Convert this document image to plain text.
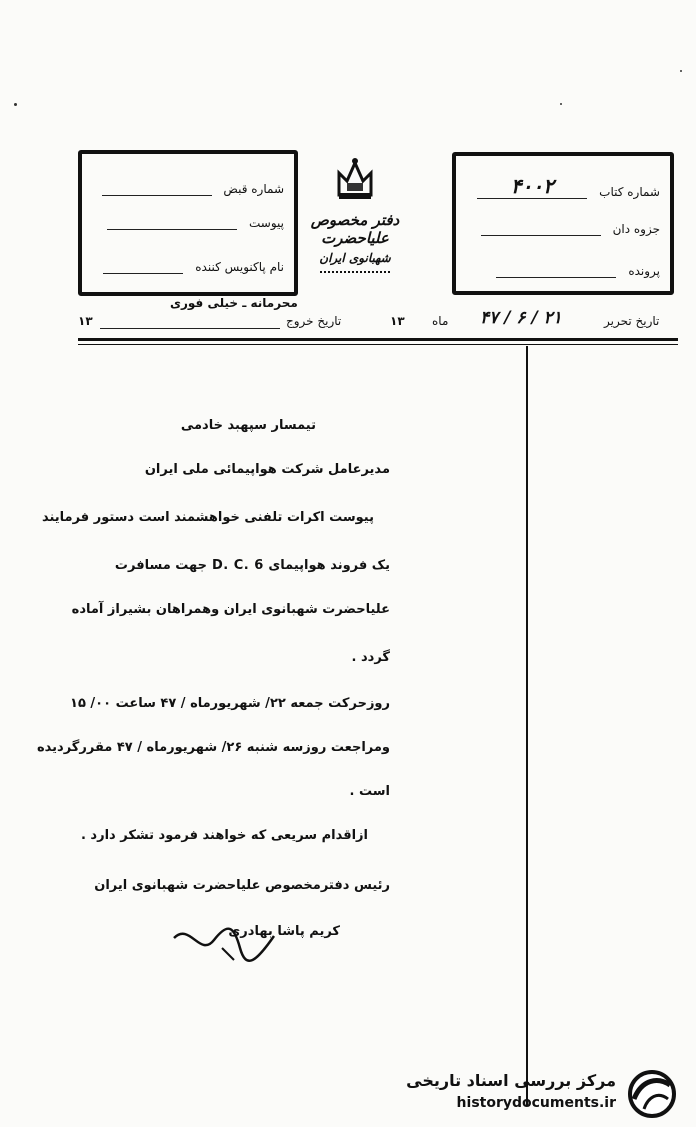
شماره قبض
پیوست
نام پاکنویس کننده
دفتر مخصوص علیاحضرت
شهبانوی ایران
شماره کتاب ۴۰۰۲
جزوه دان
پرونده
محرمانه ـ خیلی فوری
۱۳	تاریخ خروج	۱۳ ماه ۲۱ / ۶ / ۴۷	تاریخ تحریر
تیمسار سپهبد خادمی
مدیرعامل شرکت هواپیمائی ملی ایران
پیوست اکرات تلفنی خواهشمند است دستور فرمایند
یک فروند هواپیمای D. C. 6 جهت مسافرت
علیاحضرت شهبانوی ایران وهمراهان بشیراز آماده
گردد .
روزحرکت جمعه ۲۲/ شهریورماه / ۴۷ ساعت ۰۰/ ۱۵
ومراجعت روزسه شنبه ۲۶/ شهریورماه / ۴۷ مقررگردیده
است .
ازاقدام سریعی که خواهند فرمود تشکر دارد .
رئیس دفترمخصوص علیاحضرت شهبانوی ایران
کریم پاشا بهادری
مرکز بررسی اسناد تاریخی
historydocuments.ir
